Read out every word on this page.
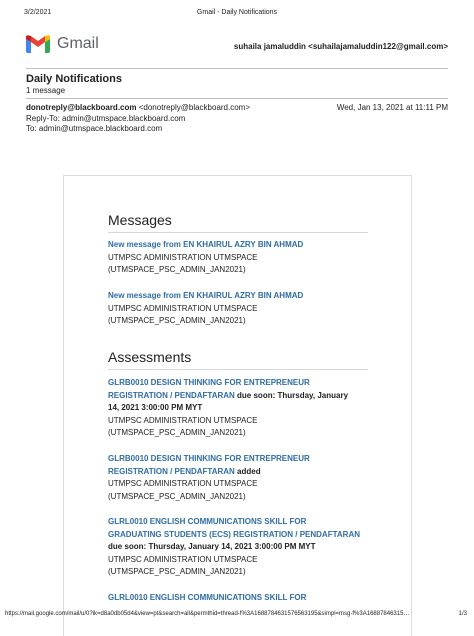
3/2/2021	Gmail - Daily Notifications
Gmail	suhaila jamaluddin <suhailajamaluddin122@gmail.com>
Daily Notifications
1 message
donotreply@blackboard.com <donotreply@blackboard.com>	Wed, Jan 13, 2021 at 11:11 PM
Reply-To: admin@utmspace.blackboard.com
To: admin@utmspace.blackboard.com
Messages
New message from EN KHAIRUL AZRY BIN AHMAD
UTMPSC ADMINISTRATION UTMSPACE
(UTMSPACE_PSC_ADMIN_JAN2021)
New message from EN KHAIRUL AZRY BIN AHMAD
UTMPSC ADMINISTRATION UTMSPACE
(UTMSPACE_PSC_ADMIN_JAN2021)
Assessments
GLRB0010 DESIGN THINKING FOR ENTREPRENEUR
REGISTRATION / PENDAFTARAN due soon: Thursday, January
14, 2021 3:00:00 PM MYT
UTMPSC ADMINISTRATION UTMSPACE
(UTMSPACE_PSC_ADMIN_JAN2021)
GLRB0010 DESIGN THINKING FOR ENTREPRENEUR
REGISTRATION / PENDAFTARAN added
UTMPSC ADMINISTRATION UTMSPACE
(UTMSPACE_PSC_ADMIN_JAN2021)
GLRL0010 ENGLISH COMMUNICATIONS SKILL FOR
GRADUATING STUDENTS (ECS) REGISTRATION / PENDAFTARAN
due soon: Thursday, January 14, 2021 3:00:00 PM MYT
UTMPSC ADMINISTRATION UTMSPACE
(UTMSPACE_PSC_ADMIN_JAN2021)
GLRL0010 ENGLISH COMMUNICATIONS SKILL FOR
https://mail.google.com/mail/u/0?ik=d8a0db05d4&view=pt&search=all&permthid=thread-f%3A1688784631576563195&simpl=msg-f%3A16887846315…	1/3
